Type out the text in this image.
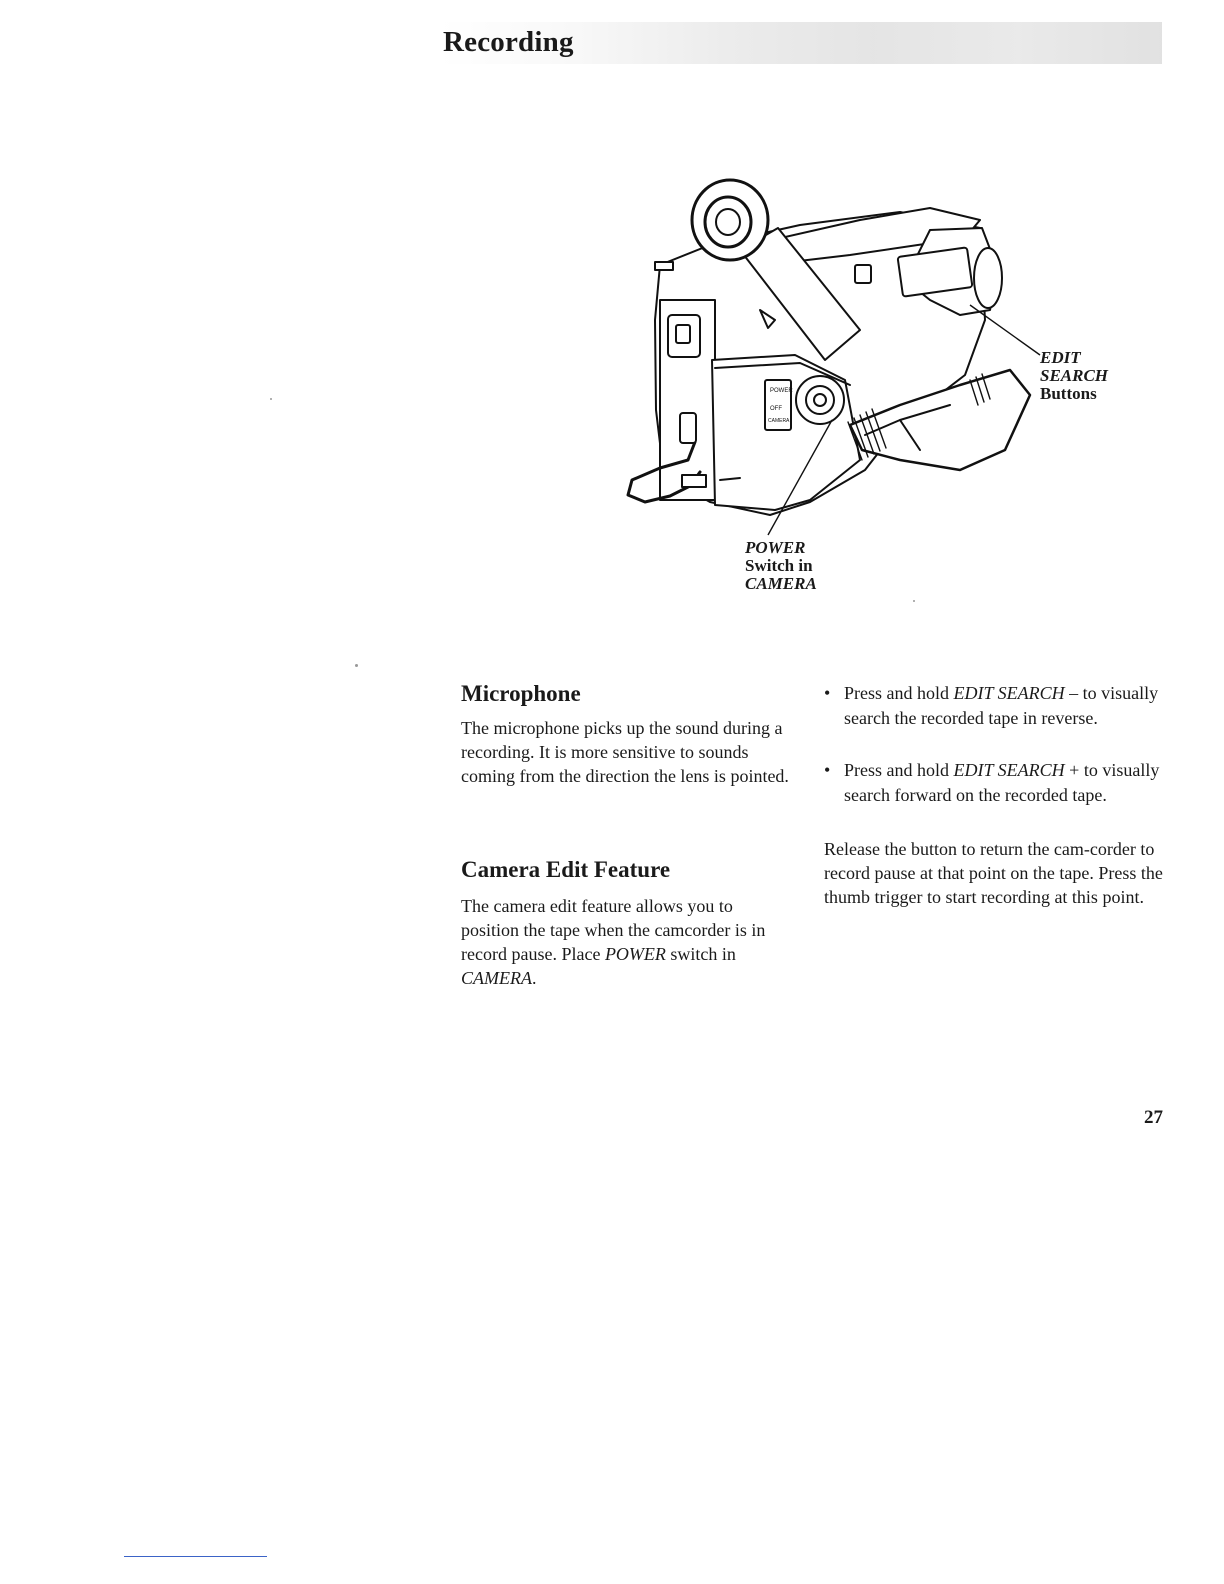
Recording
POWER
OFF
CAMERA
EDIT
SEARCH
Buttons
POWER
Switch in
CAMERA
Microphone

The microphone picks up the sound during a recording. It is more sensitive to sounds coming from the direction the lens is pointed.

Camera Edit Feature

The camera edit feature allows you to position the tape when the camcorder is in record pause. Place POWER switch in CAMERA.

• Press and hold EDIT SEARCH – to visually search the recorded tape in reverse.
• Press and hold EDIT SEARCH + to visually search forward on the recorded tape.

Release the button to return the cam-corder to record pause at that point on the tape. Press the thumb trigger to start recording at this point.

27
